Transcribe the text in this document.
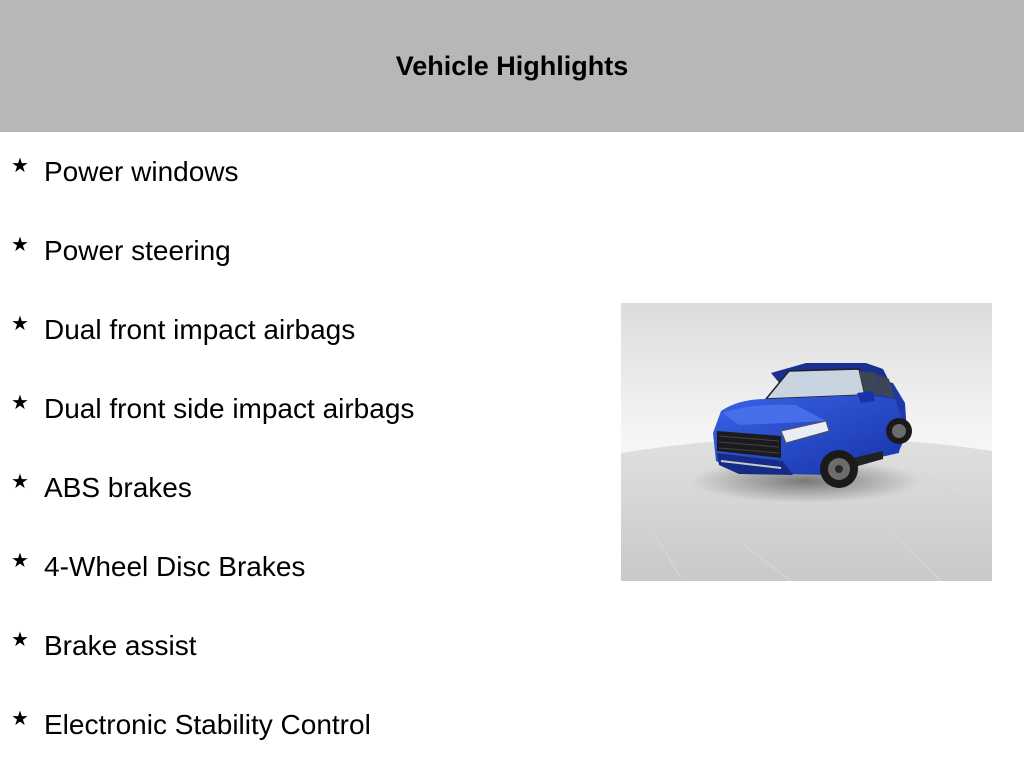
Vehicle Highlights
★ Power windows
★ Power steering
★ Dual front impact airbags
★ Dual front side impact airbags
★ ABS brakes
★ 4-Wheel Disc Brakes
★ Brake assist
★ Electronic Stability Control
